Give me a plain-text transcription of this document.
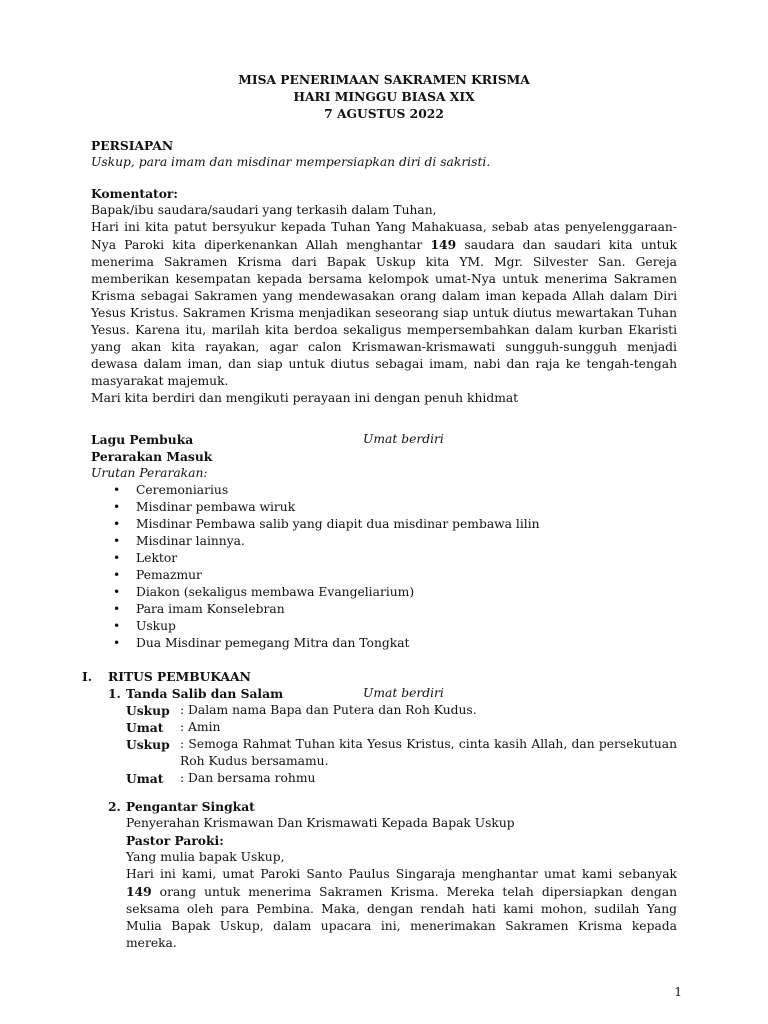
MISA PENERIMAAN SAKRAMEN KRISMA
HARI MINGGU BIASA XIX
7 AGUSTUS 2022
PERSIAPAN
Uskup, para imam dan misdinar mempersiapkan diri di sakristi.
Komentator:
Bapak/ibu saudara/saudari yang terkasih dalam Tuhan,
Hari ini kita patut bersyukur kepada Tuhan Yang Mahakuasa, sebab atas penyelenggaraan-Nya Paroki kita diperkenankan Allah menghantar 149 saudara dan saudari kita untuk menerima Sakramen Krisma dari Bapak Uskup kita YM. Mgr. Silvester San. Gereja memberikan kesempatan kepada bersama kelompok umat-Nya untuk menerima Sakramen Krisma sebagai Sakramen yang mendewasakan orang dalam iman kepada Allah dalam Diri Yesus Kristus. Sakramen Krisma menjadikan seseorang siap untuk diutus mewartakan Tuhan Yesus. Karena itu, marilah kita berdoa sekaligus mempersembahkan dalam kurban Ekaristi yang akan kita rayakan, agar calon Krismawan-krismawati sungguh-sungguh menjadi dewasa dalam iman, dan siap untuk diutus sebagai imam, nabi dan raja ke tengah-tengah masyarakat majemuk.
Mari kita berdiri dan mengikuti perayaan ini dengan penuh khidmat
Lagu Pembuka	Umat berdiri
Perarakan Masuk
Urutan Perarakan:
• Ceremoniarius
• Misdinar pembawa wiruk
• Misdinar Pembawa salib yang diapit dua misdinar pembawa lilin
• Misdinar lainnya.
• Lektor
• Pemazmur
• Diakon (sekaligus membawa Evangeliarium)
• Para imam Konselebran
• Uskup
• Dua Misdinar pemegang Mitra dan Tongkat
I. RITUS PEMBUKAAN
1. Tanda Salib dan Salam	Umat berdiri
Uskup : Dalam nama Bapa dan Putera dan Roh Kudus.
Umat : Amin
Uskup : Semoga Rahmat Tuhan kita Yesus Kristus, cinta kasih Allah, dan persekutuan Roh Kudus bersamamu.
Umat : Dan bersama rohmu
2. Pengantar Singkat
Penyerahan Krismawan Dan Krismawati Kepada Bapak Uskup
Pastor Paroki:
Yang mulia bapak Uskup,
Hari ini kami, umat Paroki Santo Paulus Singaraja menghantar umat kami sebanyak 149 orang untuk menerima Sakramen Krisma. Mereka telah dipersiapkan dengan seksama oleh para Pembina. Maka, dengan rendah hati kami mohon, sudilah Yang Mulia Bapak Uskup, dalam upacara ini, menerimakan Sakramen Krisma kepada mereka.
1
